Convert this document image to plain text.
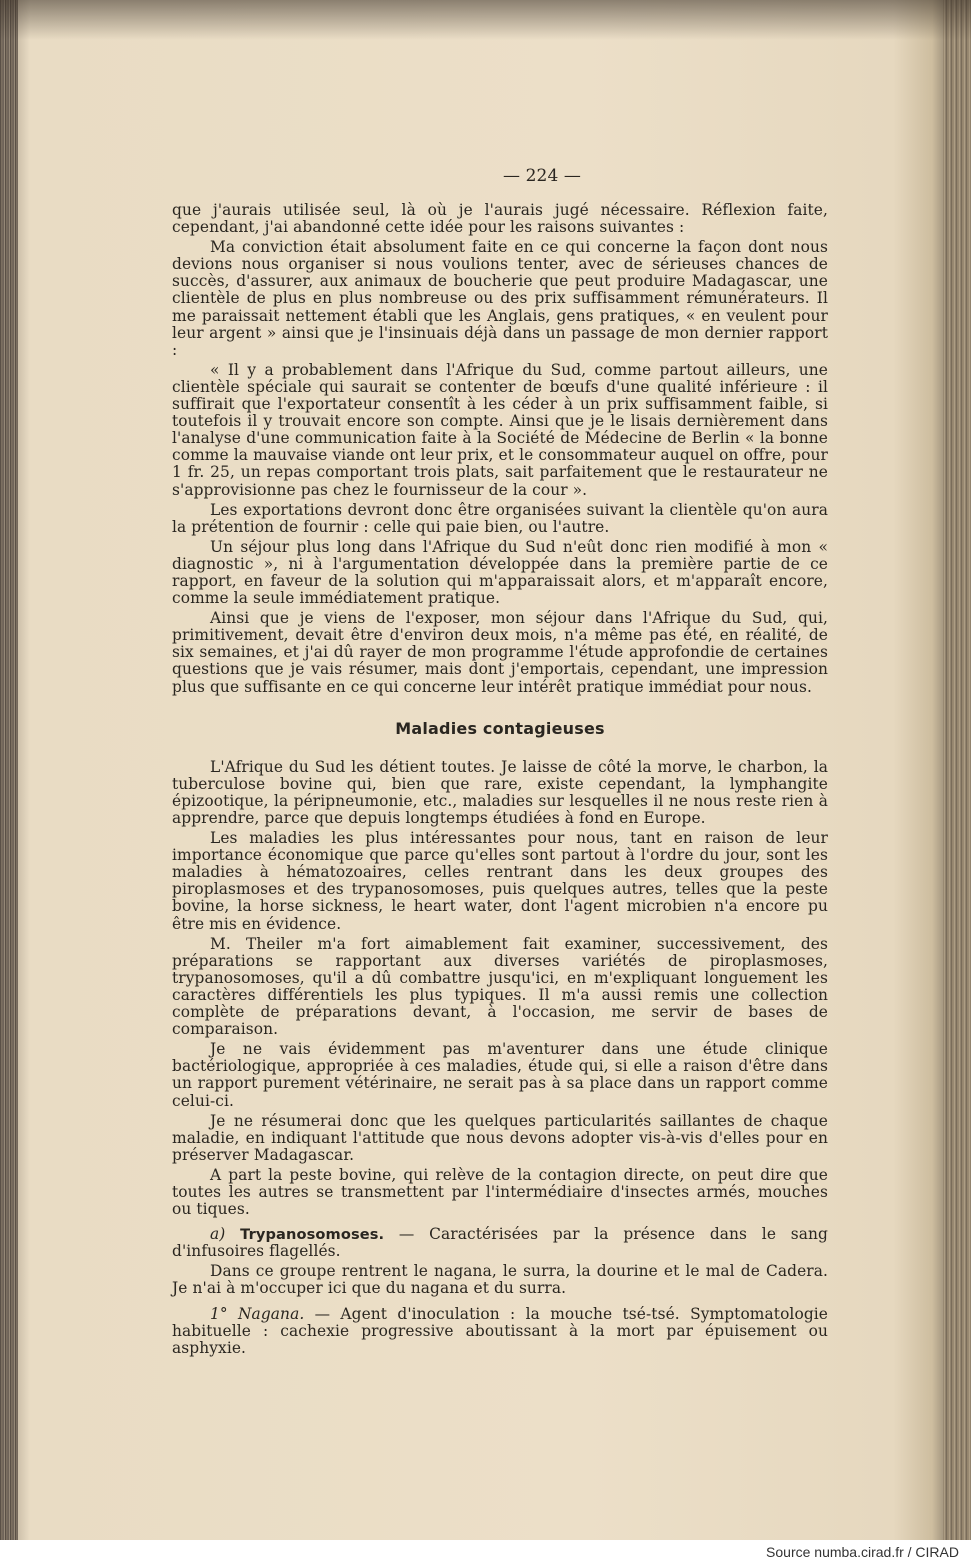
— 224 —

que j'aurais utilisée seul, là où je l'aurais jugé nécessaire. Réflexion faite, cependant, j'ai abandonné cette idée pour les raisons suivantes :

Ma conviction était absolument faite en ce qui concerne la façon dont nous devions nous organiser si nous voulions tenter, avec de sérieuses chances de succès, d'assurer, aux animaux de boucherie que peut produire Madagascar, une clientèle de plus en plus nombreuse ou des prix suffisamment rémunérateurs. Il me paraissait nettement établi que les Anglais, gens pratiques, « en veulent pour leur argent » ainsi que je l'insinuais déjà dans un passage de mon dernier rapport :

« Il y a probablement dans l'Afrique du Sud, comme partout ailleurs, une clientèle spéciale qui saurait se contenter de bœufs d'une qualité inférieure : il suffirait que l'exportateur consentît à les céder à un prix suffisamment faible, si toutefois il y trouvait encore son compte. Ainsi que je le lisais dernièrement dans l'analyse d'une communication faite à la Société de Médecine de Berlin « la bonne comme la mauvaise viande ont leur prix, et le consommateur auquel on offre, pour 1 fr. 25, un repas comportant trois plats, sait parfaitement que le restaurateur ne s'approvisionne pas chez le fournisseur de la cour ».

Les exportations devront donc être organisées suivant la clientèle qu'on aura la prétention de fournir : celle qui paie bien, ou l'autre.

Un séjour plus long dans l'Afrique du Sud n'eût donc rien modifié à mon « diagnostic », ni à l'argumentation développée dans la première partie de ce rapport, en faveur de la solution qui m'apparaissait alors, et m'apparaît encore, comme la seule immédiatement pratique.

Ainsi que je viens de l'exposer, mon séjour dans l'Afrique du Sud, qui, primitivement, devait être d'environ deux mois, n'a même pas été, en réalité, de six semaines, et j'ai dû rayer de mon programme l'étude approfondie de certaines questions que je vais résumer, mais dont j'emportais, cependant, une impression plus que suffisante en ce qui concerne leur intérêt pratique immédiat pour nous.

Maladies contagieuses

L'Afrique du Sud les détient toutes. Je laisse de côté la morve, le charbon, la tuberculose bovine qui, bien que rare, existe cependant, la lymphangite épizootique, la péripneumonie, etc., maladies sur lesquelles il ne nous reste rien à apprendre, parce que depuis longtemps étudiées à fond en Europe.

Les maladies les plus intéressantes pour nous, tant en raison de leur importance économique que parce qu'elles sont partout à l'ordre du jour, sont les maladies à hématozoaires, celles rentrant dans les deux groupes des piroplasmoses et des trypanosomoses, puis quelques autres, telles que la peste bovine, la horse sickness, le heart water, dont l'agent microbien n'a encore pu être mis en évidence.

M. Theiler m'a fort aimablement fait examiner, successivement, des préparations se rapportant aux diverses variétés de piroplasmoses, trypanosomoses, qu'il a dû combattre jusqu'ici, en m'expliquant longuement les caractères différentiels les plus typiques. Il m'a aussi remis une collection complète de préparations devant, à l'occasion, me servir de bases de comparaison.

Je ne vais évidemment pas m'aventurer dans une étude clinique bactériologique, appropriée à ces maladies, étude qui, si elle a raison d'être dans un rapport purement vétérinaire, ne serait pas à sa place dans un rapport comme celui-ci.

Je ne résumerai donc que les quelques particularités saillantes de chaque maladie, en indiquant l'attitude que nous devons adopter vis-à-vis d'elles pour en préserver Madagascar.

A part la peste bovine, qui relève de la contagion directe, on peut dire que toutes les autres se transmettent par l'intermédiaire d'insectes armés, mouches ou tiques.

a) Trypanosomoses. — Caractérisées par la présence dans le sang d'infusoires flagellés.

Dans ce groupe rentrent le nagana, le surra, la dourine et le mal de Cadera. Je n'ai à m'occuper ici que du nagana et du surra.

1° Nagana. — Agent d'inoculation : la mouche tsé-tsé. Symptomatologie habituelle : cachexie progressive aboutissant à la mort par épuisement ou asphyxie.

Source numba.cirad.fr / CIRAD
